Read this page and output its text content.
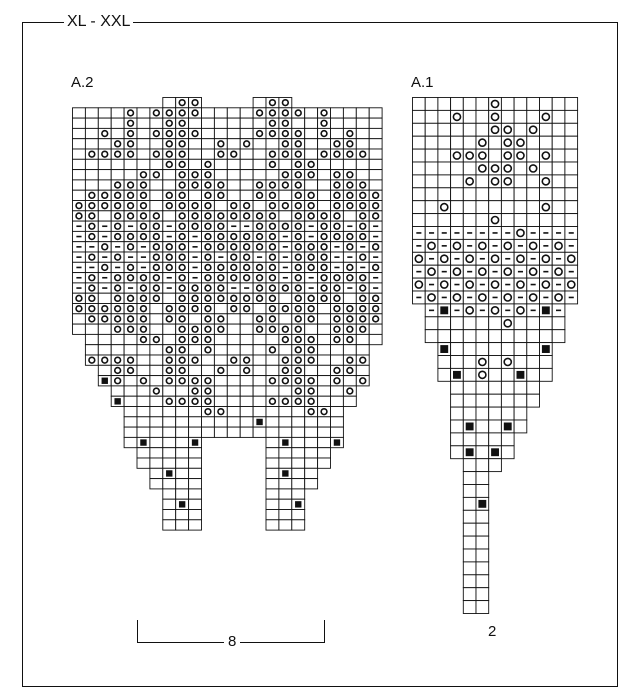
XL - XXL
A.2	A.1
8
2
